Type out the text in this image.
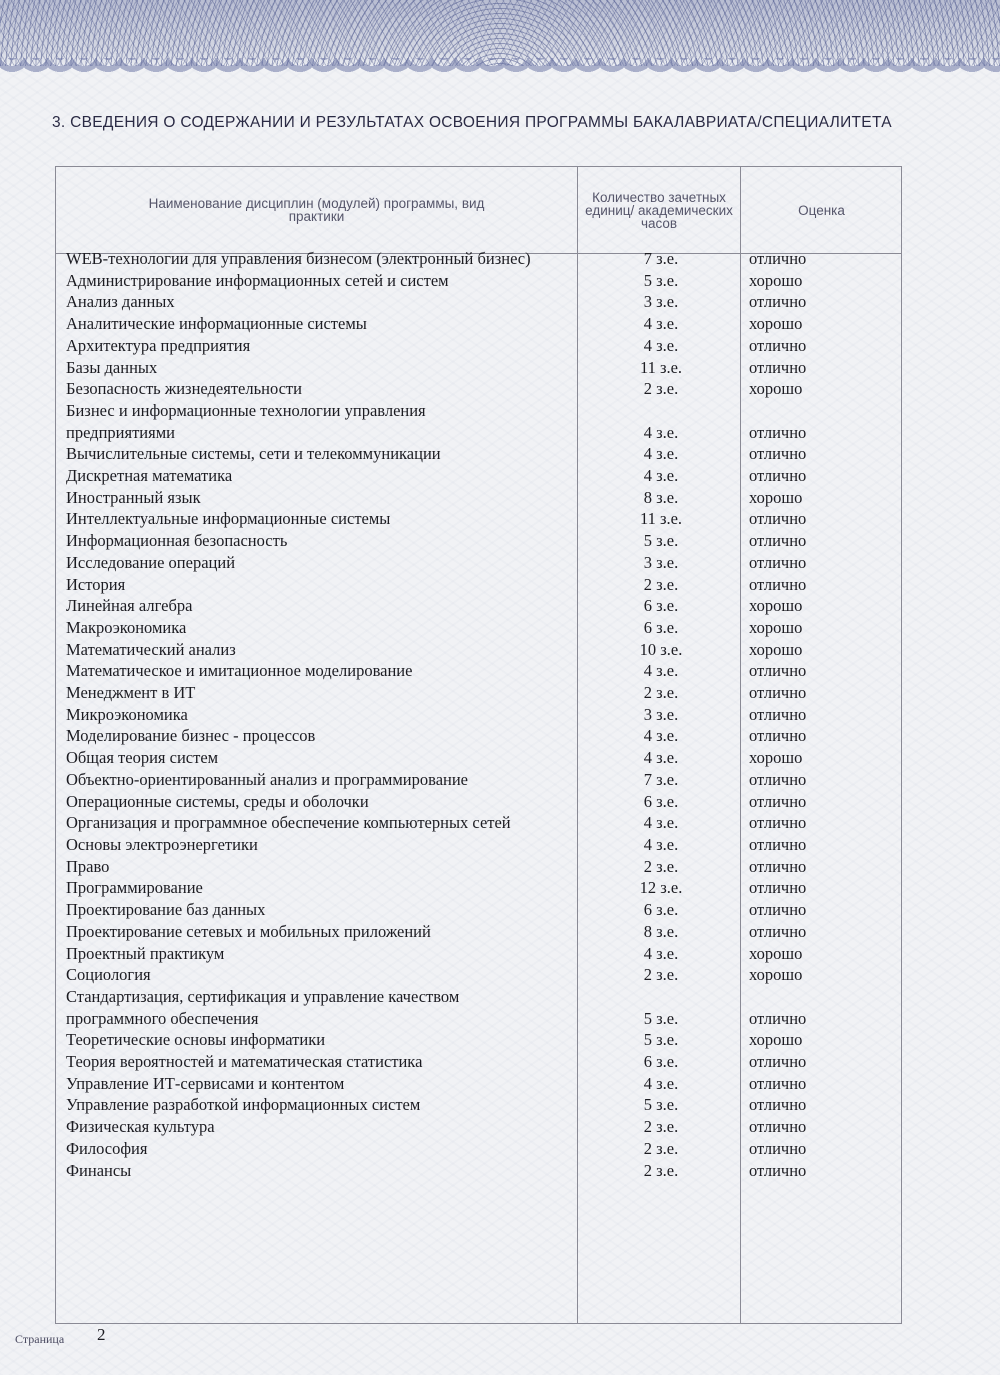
3. СВЕДЕНИЯ О СОДЕРЖАНИИ И РЕЗУЛЬТАТАХ ОСВОЕНИЯ ПРОГРАММЫ БАКАЛАВРИАТА/СПЕЦИАЛИТЕТА
Наименование дисциплин (модулей) программы, вид практики
Количество зачетных единиц/ академических часов
Оценка
WEB-технологии для управления бизнесом (электронный бизнес)	7 з.е.	отлично
Администрирование информационных сетей и систем	5 з.е.	хорошо
Анализ данных	3 з.е.	отлично
Аналитические информационные системы	4 з.е.	хорошо
Архитектура предприятия	4 з.е.	отлично
Базы данных	11 з.е.	отлично
Безопасность жизнедеятельности	2 з.е.	хорошо
Бизнес и информационные технологии управления предприятиями	4 з.е.	отлично
Вычислительные системы, сети и телекоммуникации	4 з.е.	отлично
Дискретная математика	4 з.е.	отлично
Иностранный язык	8 з.е.	хорошо
Интеллектуальные информационные системы	11 з.е.	отлично
Информационная безопасность	5 з.е.	отлично
Исследование операций	3 з.е.	отлично
История	2 з.е.	отлично
Линейная алгебра	6 з.е.	хорошо
Макроэкономика	6 з.е.	хорошо
Математический анализ	10 з.е.	хорошо
Математическое и имитационное моделирование	4 з.е.	отлично
Менеджмент в ИТ	2 з.е.	отлично
Микроэкономика	3 з.е.	отлично
Моделирование бизнес - процессов	4 з.е.	отлично
Общая теория систем	4 з.е.	хорошо
Объектно-ориентированный анализ и программирование	7 з.е.	отлично
Операционные системы, среды и оболочки	6 з.е.	отлично
Организация и программное обеспечение компьютерных сетей	4 з.е.	отлично
Основы электроэнергетики	4 з.е.	отлично
Право	2 з.е.	отлично
Программирование	12 з.е.	отлично
Проектирование баз данных	6 з.е.	отлично
Проектирование сетевых и мобильных приложений	8 з.е.	отлично
Проектный практикум	4 з.е.	хорошо
Социология	2 з.е.	хорошо
Стандартизация, сертификация и управление качеством программного обеспечения	5 з.е.	отлично
Теоретические основы информатики	5 з.е.	хорошо
Теория вероятностей и математическая статистика	6 з.е.	отлично
Управление ИТ-сервисами и контентом	4 з.е.	отлично
Управление разработкой информационных систем	5 з.е.	отлично
Физическая культура	2 з.е.	отлично
Философия	2 з.е.	отлично
Финансы	2 з.е.	отлично
Страница 2
